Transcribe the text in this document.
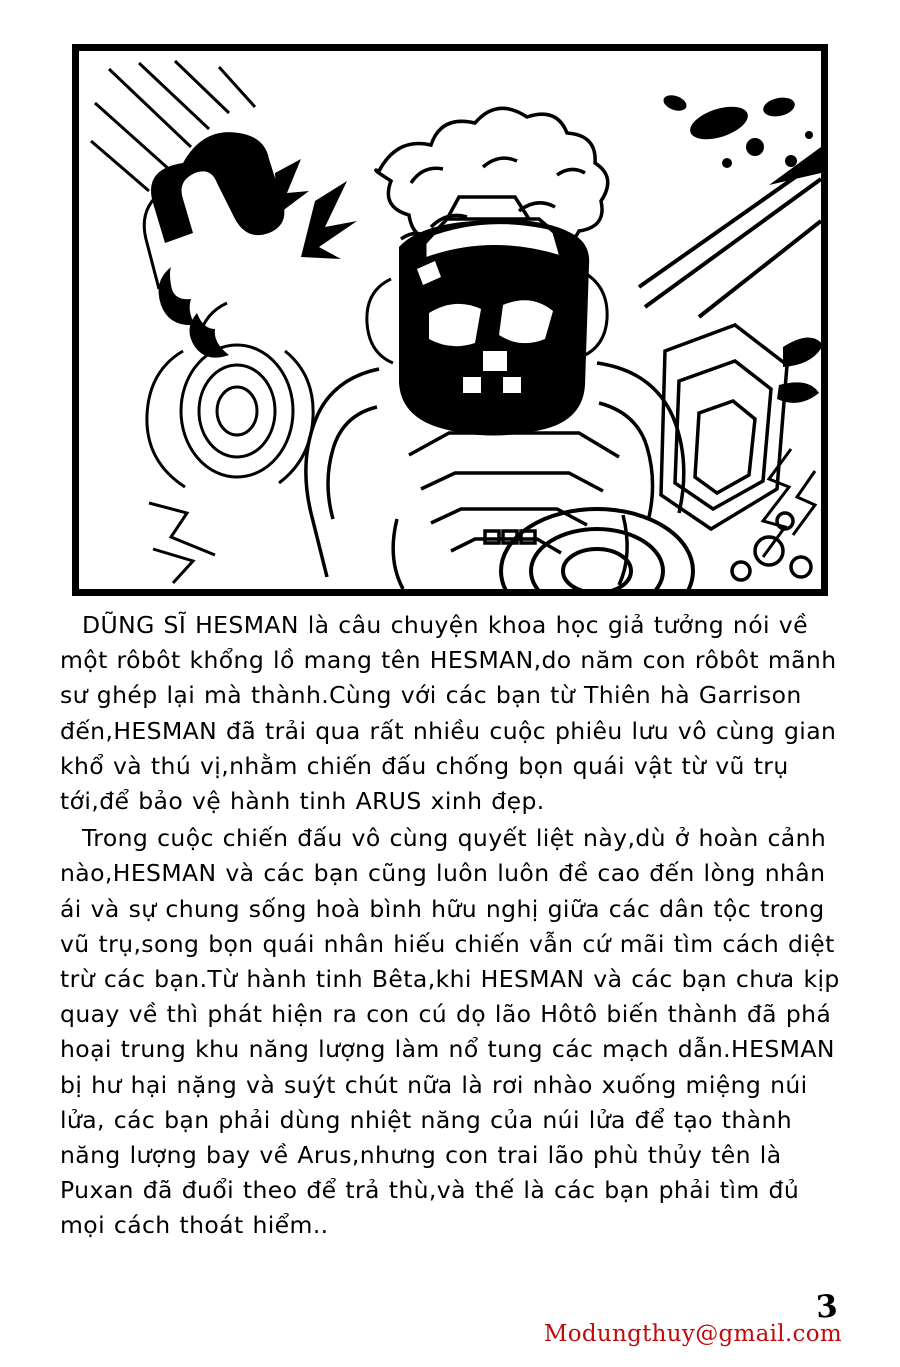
DŨNG SĨ HESMAN là câu chuyện khoa học giả tưởng nói về một rôbôt khổng lồ mang tên HESMAN,do năm con rôbôt mãnh sư ghép lại mà thành.Cùng với các bạn từ Thiên hà Garrison đến,HESMAN đã trải qua rất nhiều cuộc phiêu lưu vô cùng gian khổ và thú vị,nhằm chiến đấu chống bọn quái vật từ vũ trụ tới,để bảo vệ hành tinh ARUS xinh đẹp.

Trong cuộc chiến đấu vô cùng quyết liệt này,dù ở hoàn cảnh nào,HESMAN và các bạn cũng luôn luôn đề cao đến lòng nhân ái và sự chung sống hoà bình hữu nghị giữa các dân tộc trong vũ trụ,song bọn quái nhân hiếu chiến vẫn cứ mãi tìm cách diệt trừ các bạn.Từ hành tinh Bêta,khi HESMAN và các bạn chưa kịp quay về thì phát hiện ra con cú dọ lão Hôtô biến thành đã phá hoại trung khu năng lượng làm nổ tung các mạch dẫn.HESMAN bị hư hại nặng và suýt chút nữa là rơi nhào xuống miệng núi lửa, các bạn phải dùng nhiệt năng của núi lửa để tạo thành năng lượng bay về Arus,nhưng con trai lão phù thủy tên là Puxan đã đuổi theo để trả thù,và thế là các bạn phải tìm đủ mọi cách thoát hiểm..

3
Modungthuy@gmail.com
